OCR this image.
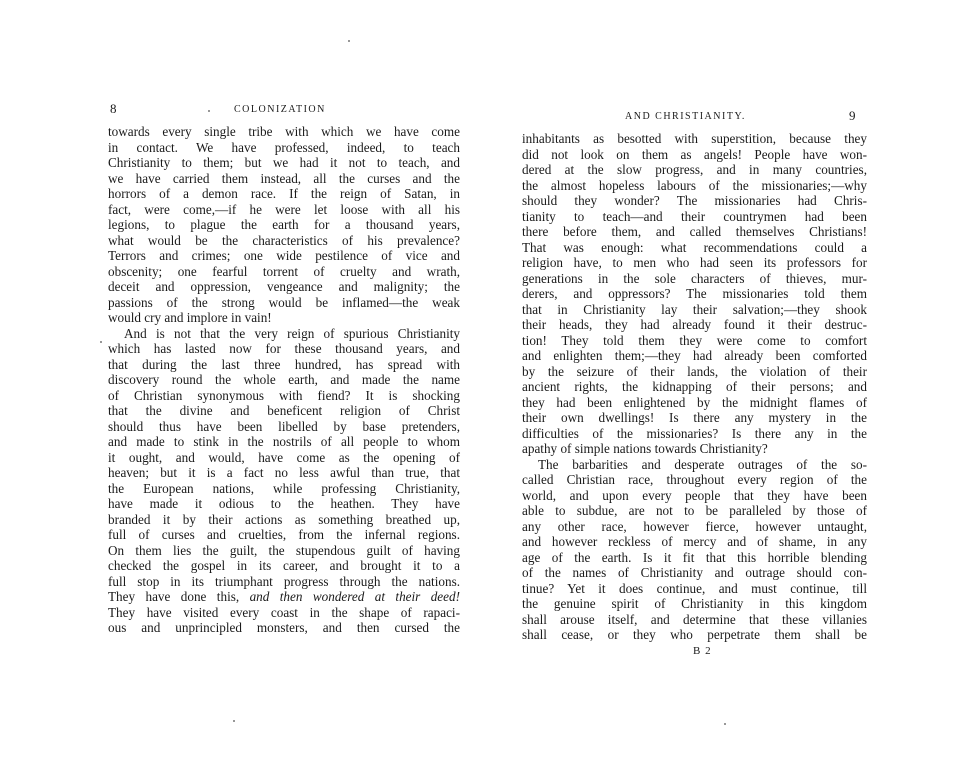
8	COLONIZATION
towards every single tribe with which we have come
in contact. We have professed, indeed, to teach
Christianity to them; but we had it not to teach, and
we have carried them instead, all the curses and the
horrors of a demon race. If the reign of Satan, in
fact, were come,—if he were let loose with all his
legions, to plague the earth for a thousand years,
what would be the characteristics of his prevalence?
Terrors and crimes; one wide pestilence of vice and
obscenity; one fearful torrent of cruelty and wrath,
deceit and oppression, vengeance and malignity; the
passions of the strong would be inflamed—the weak
would cry and implore in vain!
And is not that the very reign of spurious Christianity
which has lasted now for these thousand years, and
that during the last three hundred, has spread with
discovery round the whole earth, and made the name
of Christian synonymous with fiend? It is shocking
that the divine and beneficent religion of Christ
should thus have been libelled by base pretenders,
and made to stink in the nostrils of all people to whom
it ought, and would, have come as the opening of
heaven; but it is a fact no less awful than true, that
the European nations, while professing Christianity,
have made it odious to the heathen. They have
branded it by their actions as something breathed up,
full of curses and cruelties, from the infernal regions.
On them lies the guilt, the stupendous guilt of having
checked the gospel in its career, and brought it to a
full stop in its triumphant progress through the nations.
They have done this, and then wondered at their deed!
They have visited every coast in the shape of rapaci-
ous and unprincipled monsters, and then cursed the
AND CHRISTIANITY.	9
inhabitants as besotted with superstition, because they
did not look on them as angels! People have won-
dered at the slow progress, and in many countries,
the almost hopeless labours of the missionaries;—why
should they wonder? The missionaries had Chris-
tianity to teach—and their countrymen had been
there before them, and called themselves Christians!
That was enough: what recommendations could a
religion have, to men who had seen its professors for
generations in the sole characters of thieves, mur-
derers, and oppressors? The missionaries told them
that in Christianity lay their salvation;—they shook
their heads, they had already found it their destruc-
tion! They told them they were come to comfort
and enlighten them;—they had already been comforted
by the seizure of their lands, the violation of their
ancient rights, the kidnapping of their persons; and
they had been enlightened by the midnight flames of
their own dwellings! Is there any mystery in the
difficulties of the missionaries? Is there any in the
apathy of simple nations towards Christianity?
The barbarities and desperate outrages of the so-
called Christian race, throughout every region of the
world, and upon every people that they have been
able to subdue, are not to be paralleled by those of
any other race, however fierce, however untaught,
and however reckless of mercy and of shame, in any
age of the earth. Is it fit that this horrible blending
of the names of Christianity and outrage should con-
tinue? Yet it does continue, and must continue, till
the genuine spirit of Christianity in this kingdom
shall arouse itself, and determine that these villanies
shall cease, or they who perpetrate them shall be
B 2
